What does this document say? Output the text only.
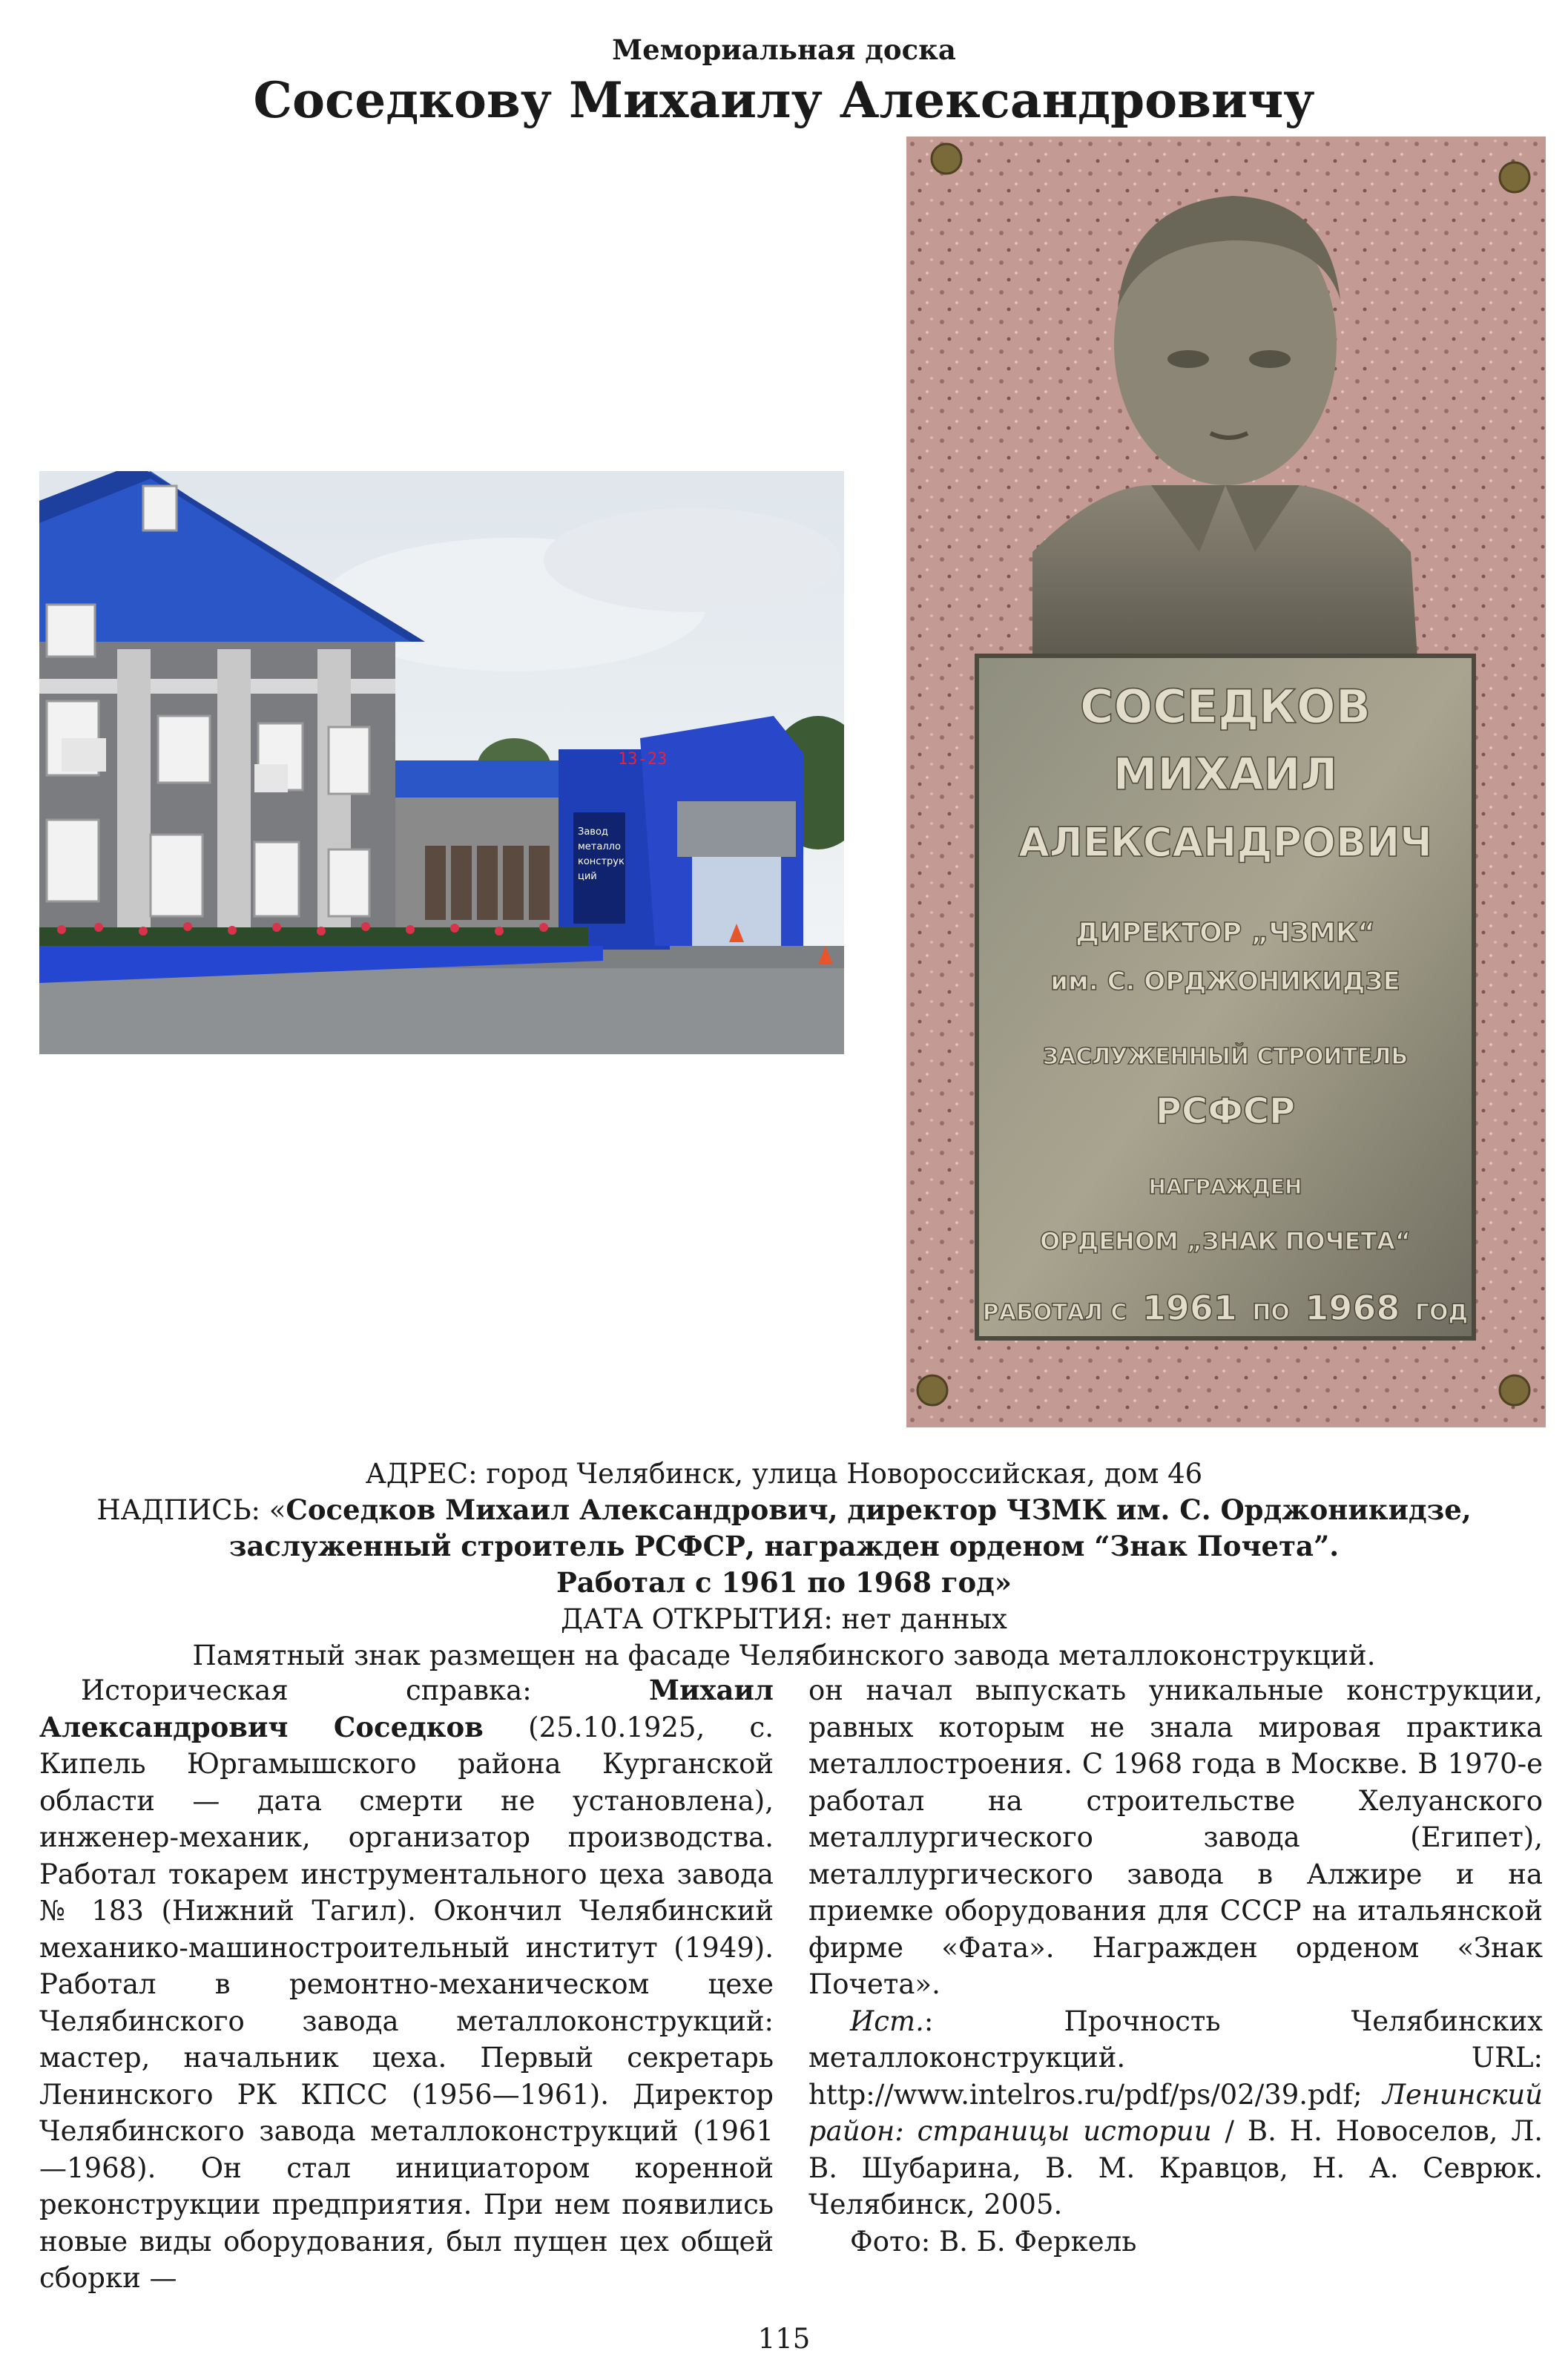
Мемориальная доска
Соседкову Михаилу Александровичу
Завод
металло
конструк
ций
13-23
СОСЕДКОВ
МИХАИЛ
АЛЕКСАНДРОВИЧ
ДИРЕКТОР „ЧЗМК“
им. С. ОРДЖОНИКИДЗЕ
ЗАСЛУЖЕННЫЙ СТРОИТЕЛЬ
РСФСР
НАГРАЖДЕН
ОРДЕНОМ „ЗНАК ПОЧЕТА“
РАБОТАЛ С 1961 ПО 1968 ГОД
АДРЕС: город Челябинск, улица Новороссийская, дом 46
НАДПИСЬ: «Соседков Михаил Александрович, директор ЧЗМК им. С. Орджоникидзе,
заслуженный строитель РСФСР, награжден орденом “Знак Почета”.
Работал с 1961 по 1968 год»
ДАТА ОТКРЫТИЯ: нет данных
Памятный знак размещен на фасаде Челябинского завода металлоконструкций.

Историческая справка: Михаил Александрович Соседков (25.10.1925, с. Кипель Юргамышского района Курганской области — дата смерти не установлена), инженер-механик, организатор производства. Работал токарем инструментального цеха завода № 183 (Нижний Тагил). Окончил Челябинский механико-машиностроительный институт (1949). Работал в ремонтно-механическом цехе Челябинского завода металлоконструкций: мастер, начальник цеха. Первый секретарь Ленинского РК КПСС (1956—1961). Директор Челябинского завода металлоконструкций (1961—1968). Он стал инициатором коренной реконструкции предприятия. При нем появились новые виды оборудования, был пущен цех общей сборки —

он начал выпускать уникальные конструкции, равных которым не знала мировая практика металлостроения. С 1968 года в Москве. В 1970-е работал на строительстве Хелуанского металлургического завода (Египет), металлургического завода в Алжире и на приемке оборудования для СССР на итальянской фирме «Фата». Награжден орденом «Знак Почета».

Ист.: Прочность Челябинских металлоконструкций. URL: http://www.intelros.ru/pdf/ps/02/39.pdf; Ленинский район: страницы истории / В. Н. Новоселов, Л. В. Шубарина, В. М. Кравцов, Н. А. Севрюк. Челябинск, 2005.

Фото: В. Б. Феркель

115
